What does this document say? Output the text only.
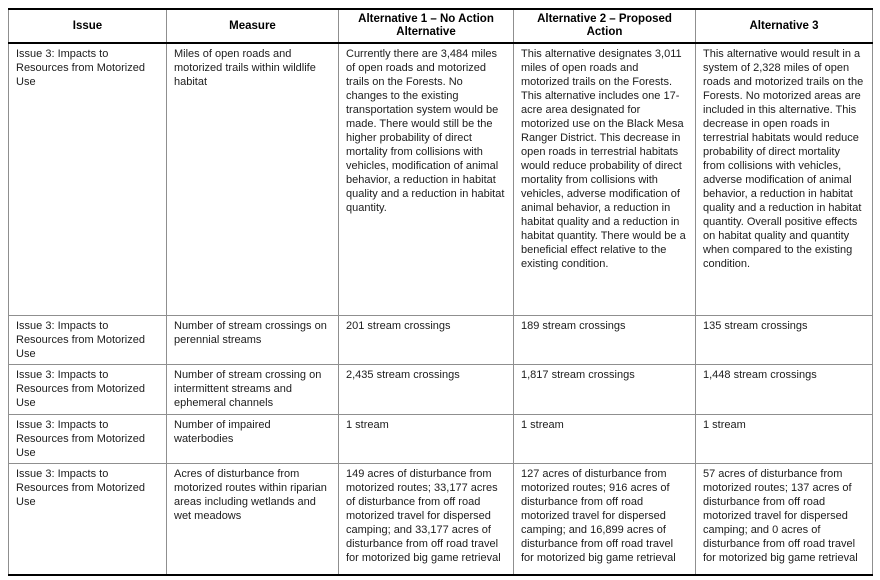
Issue	Measure	Alternative 1 – No Action Alternative	Alternative 2 – Proposed Action	Alternative 3
Issue 3: Impacts to Resources from Motorized Use	Miles of open roads and motorized trails within wildlife habitat	Currently there are 3,484 miles of open roads and motorized trails on the Forests. No changes to the existing transportation system would be made. There would still be the higher probability of direct mortality from collisions with vehicles, modification of animal behavior, a reduction in habitat quality and a reduction in habitat quantity.	This alternative designates 3,011 miles of open roads and motorized trails on the Forests. This alternative includes one 17-acre area designated for motorized use on the Black Mesa Ranger District. This decrease in open roads in terrestrial habitats would reduce probability of direct mortality from collisions with vehicles, adverse modification of animal behavior, a reduction in habitat quality and a reduction in habitat quantity. There would be a beneficial effect relative to the existing condition.	This alternative would result in a system of 2,328 miles of open roads and motorized trails on the Forests. No motorized areas are included in this alternative. This decrease in open roads in terrestrial habitats would reduce probability of direct mortality from collisions with vehicles, adverse modification of animal behavior, a reduction in habitat quality and a reduction in habitat quantity. Overall positive effects on habitat quality and quantity when compared to the existing condition.
Issue 3: Impacts to Resources from Motorized Use	Number of stream crossings on perennial streams	201 stream crossings	189 stream crossings	135 stream crossings
Issue 3: Impacts to Resources from Motorized Use	Number of stream crossing on intermittent streams and ephemeral channels	2,435 stream crossings	1,817 stream crossings	1,448 stream crossings
Issue 3: Impacts to Resources from Motorized Use	Number of impaired waterbodies	1 stream	1 stream	1 stream
Issue 3: Impacts to Resources from Motorized Use	Acres of disturbance from motorized routes within riparian areas including wetlands and wet meadows	149 acres of disturbance from motorized routes; 33,177 acres of disturbance from off road motorized travel for dispersed camping; and 33,177 acres of disturbance from off road travel for motorized big game retrieval	127 acres of disturbance from motorized routes; 916 acres of disturbance from off road motorized travel for dispersed camping; and 16,899 acres of disturbance from off road travel for motorized big game retrieval	57 acres of disturbance from motorized routes; 137 acres of disturbance from off road motorized travel for dispersed camping; and 0 acres of disturbance from off road travel for motorized big game retrieval
